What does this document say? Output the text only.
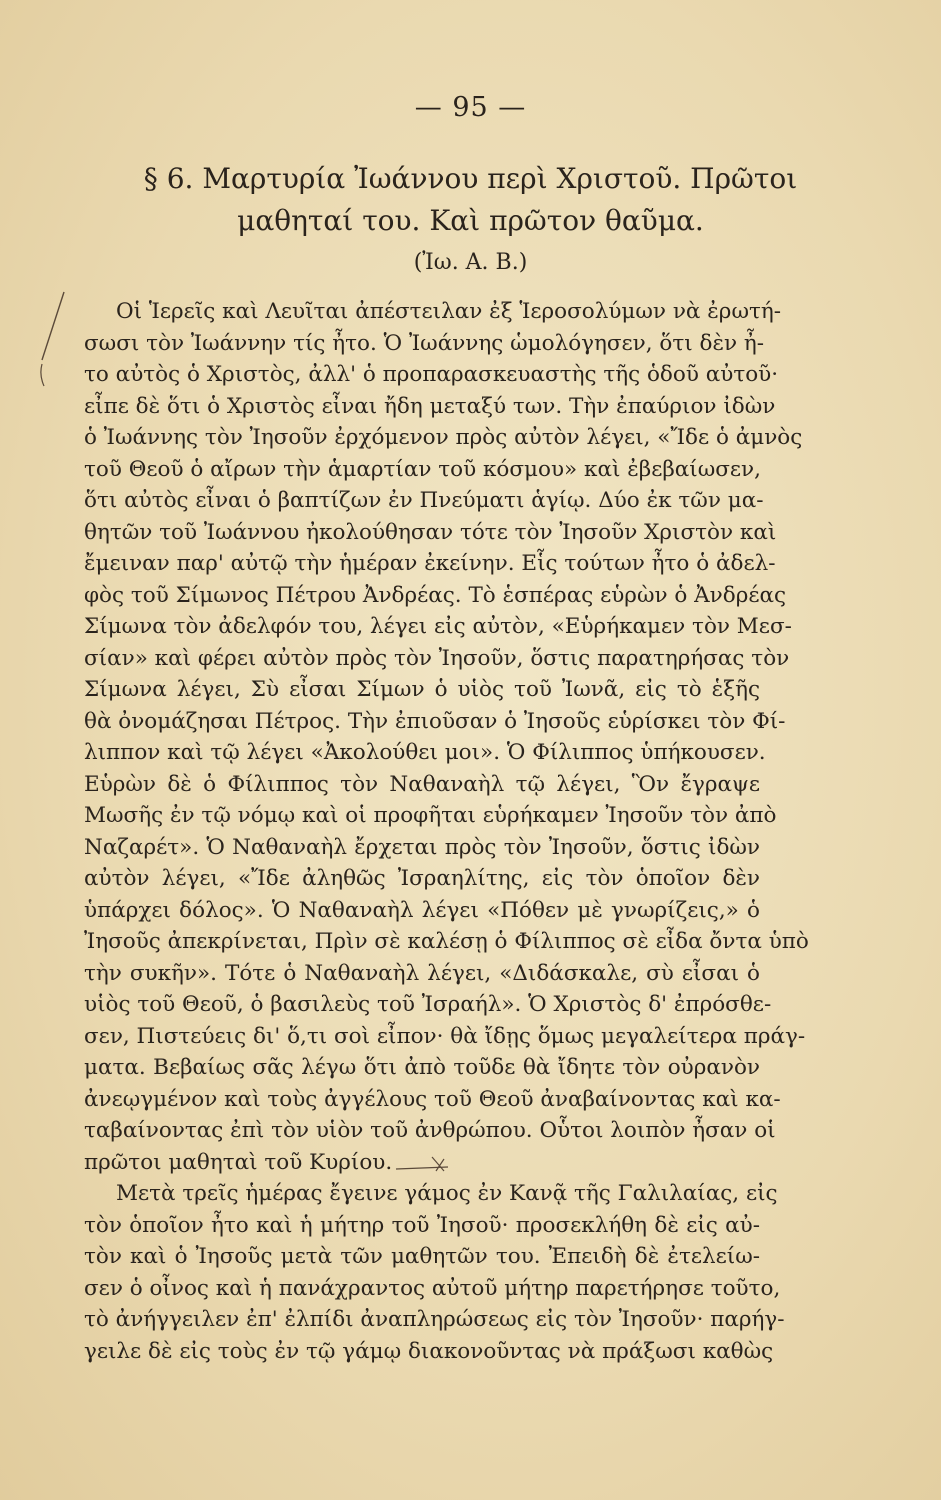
— 95 —
§ 6. Μαρτυρία Ἰωάννου περὶ Χριστοῦ. Πρῶτοι
μαθηταί του. Καὶ πρῶτον θαῦμα.
(Ἰω. Α. Β.)
Οἱ Ἱερεῖς καὶ Λευῖται ἀπέστειλαν ἐξ Ἱεροσολύμων νὰ ἐρωτή-
σωσι τὸν Ἰωάννην τίς ἦτο. Ὁ Ἰωάννης ὡμολόγησεν, ὅτι δὲν ἦ-
το αὐτὸς ὁ Χριστὸς, ἀλλ' ὁ προπαρασκευαστὴς τῆς ὁδοῦ αὐτοῦ·
εἶπε δὲ ὅτι ὁ Χριστὸς εἶναι ἤδη μεταξύ των. Τὴν ἐπαύριον ἰδὼν
ὁ Ἰωάννης τὸν Ἰησοῦν ἐρχόμενον πρὸς αὐτὸν λέγει, «Ἴδε ὁ ἀμνὸς
τοῦ Θεοῦ ὁ αἴρων τὴν ἁμαρτίαν τοῦ κόσμου» καὶ ἐβεβαίωσεν,
ὅτι αὐτὸς εἶναι ὁ βαπτίζων ἐν Πνεύματι ἁγίῳ. Δύο ἐκ τῶν μα-
θητῶν τοῦ Ἰωάννου ἠκολούθησαν τότε τὸν Ἰησοῦν Χριστὸν καὶ
ἔμειναν παρ' αὐτῷ τὴν ἡμέραν ἐκείνην. Εἷς τούτων ἦτο ὁ ἀδελ-
φὸς τοῦ Σίμωνος Πέτρου Ἀνδρέας. Τὸ ἑσπέρας εὑρὼν ὁ Ἀνδρέας
Σίμωνα τὸν ἀδελφόν του, λέγει εἰς αὐτὸν, «Εὑρήκαμεν τὸν Μεσ-
σίαν» καὶ φέρει αὐτὸν πρὸς τὸν Ἰησοῦν, ὅστις παρατηρήσας τὸν
Σίμωνα λέγει, Σὺ εἶσαι Σίμων ὁ υἱὸς τοῦ Ἰωνᾶ, εἰς τὸ ἑξῆς
θὰ ὀνομάζησαι Πέτρος. Τὴν ἐπιοῦσαν ὁ Ἰησοῦς εὑρίσκει τὸν Φί-
λιππον καὶ τῷ λέγει «Ἀκολούθει μοι». Ὁ Φίλιππος ὑπήκουσεν.
Εὑρὼν δὲ ὁ Φίλιππος τὸν Ναθαναὴλ τῷ λέγει, Ὃν ἔγραψε
Μωσῆς ἐν τῷ νόμῳ καὶ οἱ προφῆται εὑρήκαμεν Ἰησοῦν τὸν ἀπὸ
Ναζαρέτ». Ὁ Ναθαναὴλ ἔρχεται πρὸς τὸν Ἰησοῦν, ὅστις ἰδὼν
αὐτὸν λέγει, «Ἴδε ἀληθῶς Ἰσραηλίτης, εἰς τὸν ὁποῖον δὲν
ὑπάρχει δόλος». Ὁ Ναθαναὴλ λέγει «Πόθεν μὲ γνωρίζεις,» ὁ
Ἰησοῦς ἀπεκρίνεται, Πρὶν σὲ καλέσῃ ὁ Φίλιππος σὲ εἶδα ὄντα ὑπὸ
τὴν συκῆν». Τότε ὁ Ναθαναὴλ λέγει, «Διδάσκαλε, σὺ εἶσαι ὁ
υἱὸς τοῦ Θεοῦ, ὁ βασιλεὺς τοῦ Ἰσραήλ». Ὁ Χριστὸς δ' ἐπρόσθε-
σεν, Πιστεύεις δι' ὅ,τι σοὶ εἶπον· θὰ ἴδῃς ὅμως μεγαλείτερα πράγ-
ματα. Βεβαίως σᾶς λέγω ὅτι ἀπὸ τοῦδε θὰ ἴδητε τὸν οὐρανὸν
ἀνεῳγμένον καὶ τοὺς ἀγγέλους τοῦ Θεοῦ ἀναβαίνοντας καὶ κα-
ταβαίνοντας ἐπὶ τὸν υἱὸν τοῦ ἀνθρώπου. Οὗτοι λοιπὸν ἦσαν οἱ
πρῶτοι μαθηταὶ τοῦ Κυρίου.
Μετὰ τρεῖς ἡμέρας ἔγεινε γάμος ἐν Κανᾷ τῆς Γαλιλαίας, εἰς
τὸν ὁποῖον ἦτο καὶ ἡ μήτηρ τοῦ Ἰησοῦ· προσεκλήθη δὲ εἰς αὐ-
τὸν καὶ ὁ Ἰησοῦς μετὰ τῶν μαθητῶν του. Ἐπειδὴ δὲ ἐτελείω-
σεν ὁ οἶνος καὶ ἡ πανάχραντος αὐτοῦ μήτηρ παρετήρησε τοῦτο,
τὸ ἀνήγγειλεν ἐπ' ἐλπίδι ἀναπληρώσεως εἰς τὸν Ἰησοῦν· παρήγ-
γειλε δὲ εἰς τοὺς ἐν τῷ γάμῳ διακονοῦντας νὰ πράξωσι καθὼς
